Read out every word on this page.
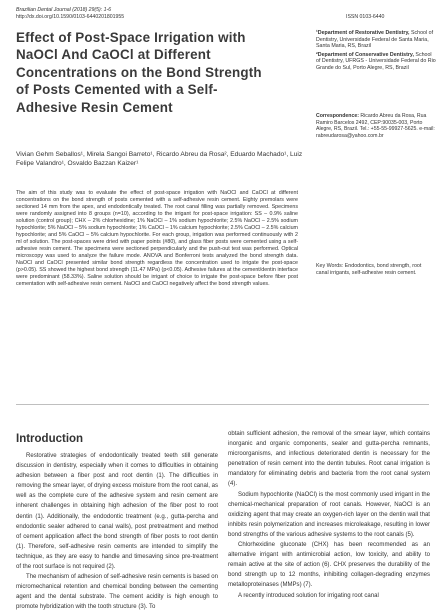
Brazilian Dental Journal (2018) 29(5): 1-6
http://dx.doi.org/10.1590/0103-6440201801955	ISSN 0103-6440
Effect of Post-Space Irrigation with NaOCl And CaOCl at Different Concentrations on the Bond Strength of Posts Cemented with a Self-Adhesive Resin Cement

¹Department of Restorative Dentistry, School of Dentistry, Universidade Federal de Santa Maria, Santa Maria, RS, Brazil

²Department of Conservative Dentistry, School of Dentistry, UFRGS - Universidade Federal do Rio Grande do Sul, Porto Alegre, RS, Brazil

Vivian Gehm Seballos¹, Mirela Sangoi Barreto¹, Ricardo Abreu da Rosa², Eduardo Machado¹, Luiz Felipe Valandro¹, Osvaldo Bazzan Kaizer¹
Correspondence: Ricardo Abreu da Rosa, Rua Ramiro Barcelos 2492, CEP:90035-003, Porto Alegre, RS, Brazil. Tel.: +55-55-99927-5625. e-mail: rabreudarosa@yahoo.com.br
The aim of this study was to evaluate the effect of post-space irrigation with NaOCl and CaOCl at different concentrations on the bond strength of posts cemented with a self-adhesive resin cement. Eighty premolars were sectioned 14 mm from the apex, and endodontically treated. The root canal filling was partially removed. Specimens were randomly assigned into 8 groups (n=10), according to the irrigant for post-space irrigation: SS – 0.9% saline solution (control group); CHX – 2% chlorhexidine; 1% NaOCl – 1% sodium hypochlorite; 2.5% NaOCl – 2.5% sodium hypochlorite; 5% NaOCl – 5% sodium hypochlorite; 1% CaOCl – 1% calcium hypochlorite; 2.5% CaOCl – 2.5% calcium hypochlorite; and 5% CaOCl – 5% calcium hypochlorite. For each group, irrigation was performed continuously with 2 ml of solution. The post-spaces were dried with paper points (#80), and glass fiber posts were cemented using a self-adhesive resin cement. The specimens were sectioned perpendicularly and the push-out test was performed. Optical microscopy was used to analyze the failure mode. ANOVA and Bonferroni tests analyzed the bond strength data. NaOCl and CaOCl presented similar bond strength regardless the concentration used to irrigate the post-space (p>0.05). SS showed the highest bond strength (11.47 MPa) (p<0.05). Adhesive failures at the cement/dentin interface were predominant (58.33%). Saline solution should be irrigant of choice to irrigate the post-space before fiber post cementation with self-adhesive resin cement. NaOCl and CaOCl negatively affect the bond strength values.
Key Words: Endodontics, bond strength, root canal irrigants, self-adhesive resin cement.
Introduction

Restorative strategies of endodontically treated teeth still generate discussion in dentistry, especially when it comes to difficulties in obtaining adhesion between a fiber post and root dentin (1). The difficulties in removing the smear layer, of drying excess moisture from the root canal, as well as the complete cure of the adhesive system and resin cement are inherent challenges in obtaining high adhesion of the fiber post to root dentin (1). Additionally, the endodontic treatment (e.g., gutta-percha and endodontic sealer adhered to canal walls), post pretreatment and method of cement application affect the bond strength of fiber posts to root dentin (1). Therefore, self-adhesive resin cements are intended to simplify the technique, as they are easy to handle and timesaving since pre-treatment of the root surface is not required (2).

The mechanism of adhesion of self-adhesive resin cements is based on micromechanical retention and chemical bonding between the cementing agent and the dental substrate. The cement acidity is high enough to promote hybridization with the tooth structure (3). To

obtain sufficient adhesion, the removal of the smear layer, which contains inorganic and organic components, sealer and gutta-percha remnants, microorganisms, and infectious deteriorated dentin is necessary for the penetration of resin cement into the dentin tubules. Root canal irrigation is mandatory for eliminating debris and bacteria from the root canal system (4).

Sodium hypochlorite (NaOCl) is the most commonly used irrigant in the chemical-mechanical preparation of root canals. However, NaOCl is an oxidizing agent that may create an oxygen-rich layer on the dentin wall that inhibits resin polymerization and increases microleakage, resulting in lower bond strengths of the various adhesive systems to the root canals (5).

Chlorhexidine gluconate (CHX) has been recommended as an alternative irrigant with antimicrobial action, low toxicity, and ability to remain active at the site of action (6). CHX preserves the durability of the bond strength up to 12 months, inhibiting collagen-degrading enzymes metalloproteinases (MMPs) (7).

A recently introduced solution for irrigating root canal
